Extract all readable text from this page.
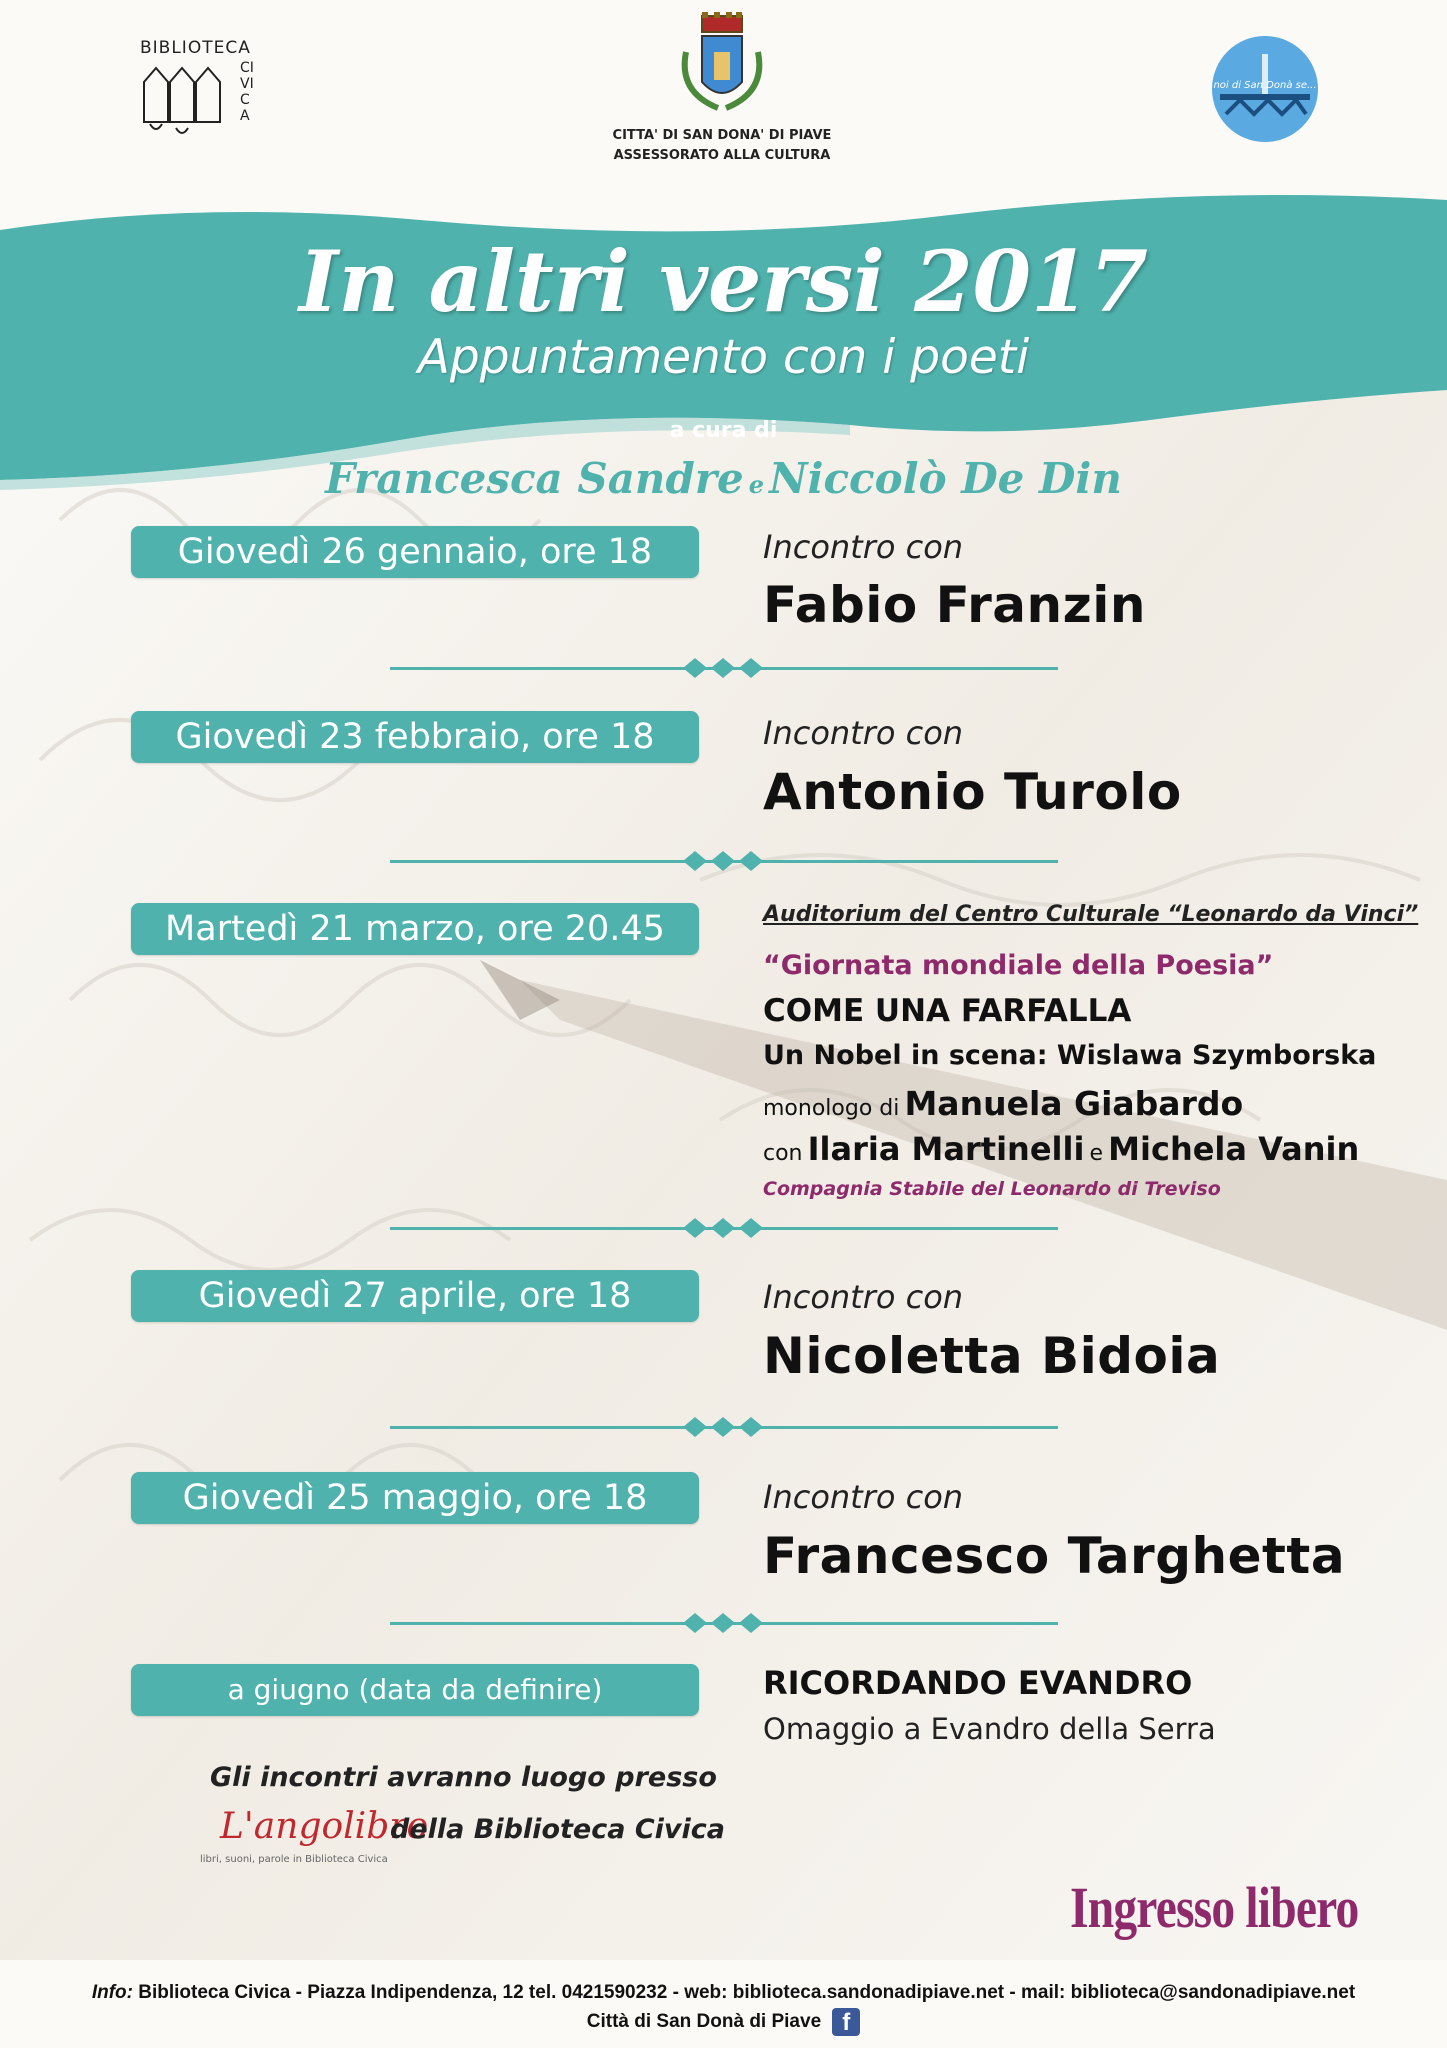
BIBLIOTECA
CIVICA
CITTA' DI SAN DONA' DI PIAVE
ASSESSORATO ALLA CULTURA
noi di San Donà se...
In altri versi 2017
Appuntamento con i poeti
a cura di
Francesca Sandre e Niccolò De Din
Giovedì 26 gennaio, ore 18	Incontro con
Fabio Franzin
Giovedì 23 febbraio, ore 18	Incontro con
Antonio Turolo
Martedì 21 marzo, ore 20.45	Auditorium del Centro Culturale “Leonardo da Vinci”
“Giornata mondiale della Poesia”
COME UNA FARFALLA
Un Nobel in scena: Wislawa Szymborska
monologo di Manuela Giabardo
con Ilaria Martinelli e Michela Vanin
Compagnia Stabile del Leonardo di Treviso
Giovedì 27 aprile, ore 18	Incontro con
Nicoletta Bidoia
Giovedì 25 maggio, ore 18	Incontro con
Francesco Targhetta
a giugno (data da definire)	RICORDANDO EVANDRO
Omaggio a Evandro della Serra
Gli incontri avranno luogo presso
L'angolibro
libri, suoni, parole in Biblioteca Civica
della Biblioteca Civica
Ingresso libero
Info: Biblioteca Civica - Piazza Indipendenza, 12 tel. 0421590232 - web: biblioteca.sandonadipiave.net - mail: biblioteca@sandonadipiave.net
Città di San Donà di Piave f
